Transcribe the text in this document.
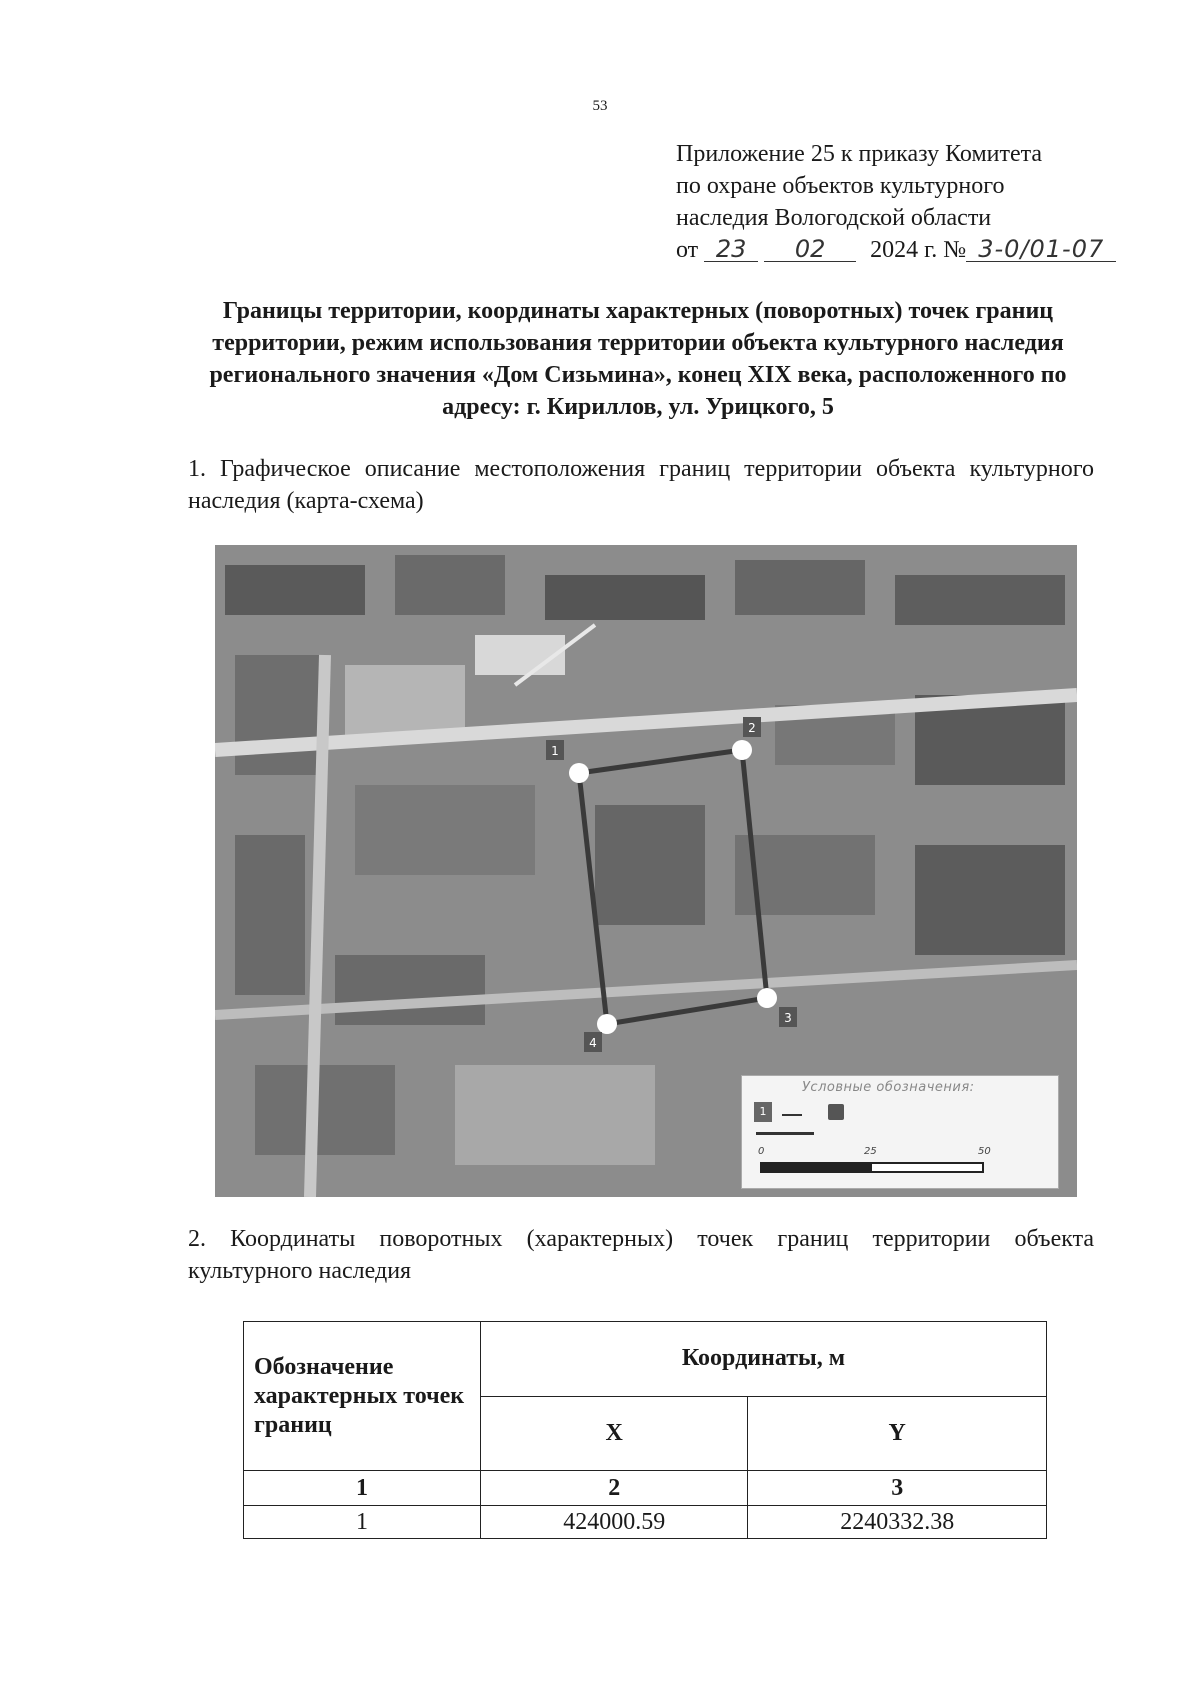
53
Приложение 25 к приказу Комитета
по охране объектов культурного
наследия Вологодской области
от 23 02 2024 г. № 3-0/01-07
Границы территории, координаты характерных (поворотных) точек границ территории, режим использования территории объекта культурного наследия регионального значения «Дом Сизьмина», конец XIX века, расположенного по адресу: г. Кириллов, ул. Урицкого, 5
1. Графическое описание местоположения границ территории объекта культурного наследия (карта-схема)
1
2
3
4
Условные обозначения:
1
0	25	50
2. Координаты поворотных (характерных) точек границ территории объекта культурного наследия
Обозначение характерных точек границ	Координаты, м	
	X	Y
1	2	3
1	424000.59	2240332.38
